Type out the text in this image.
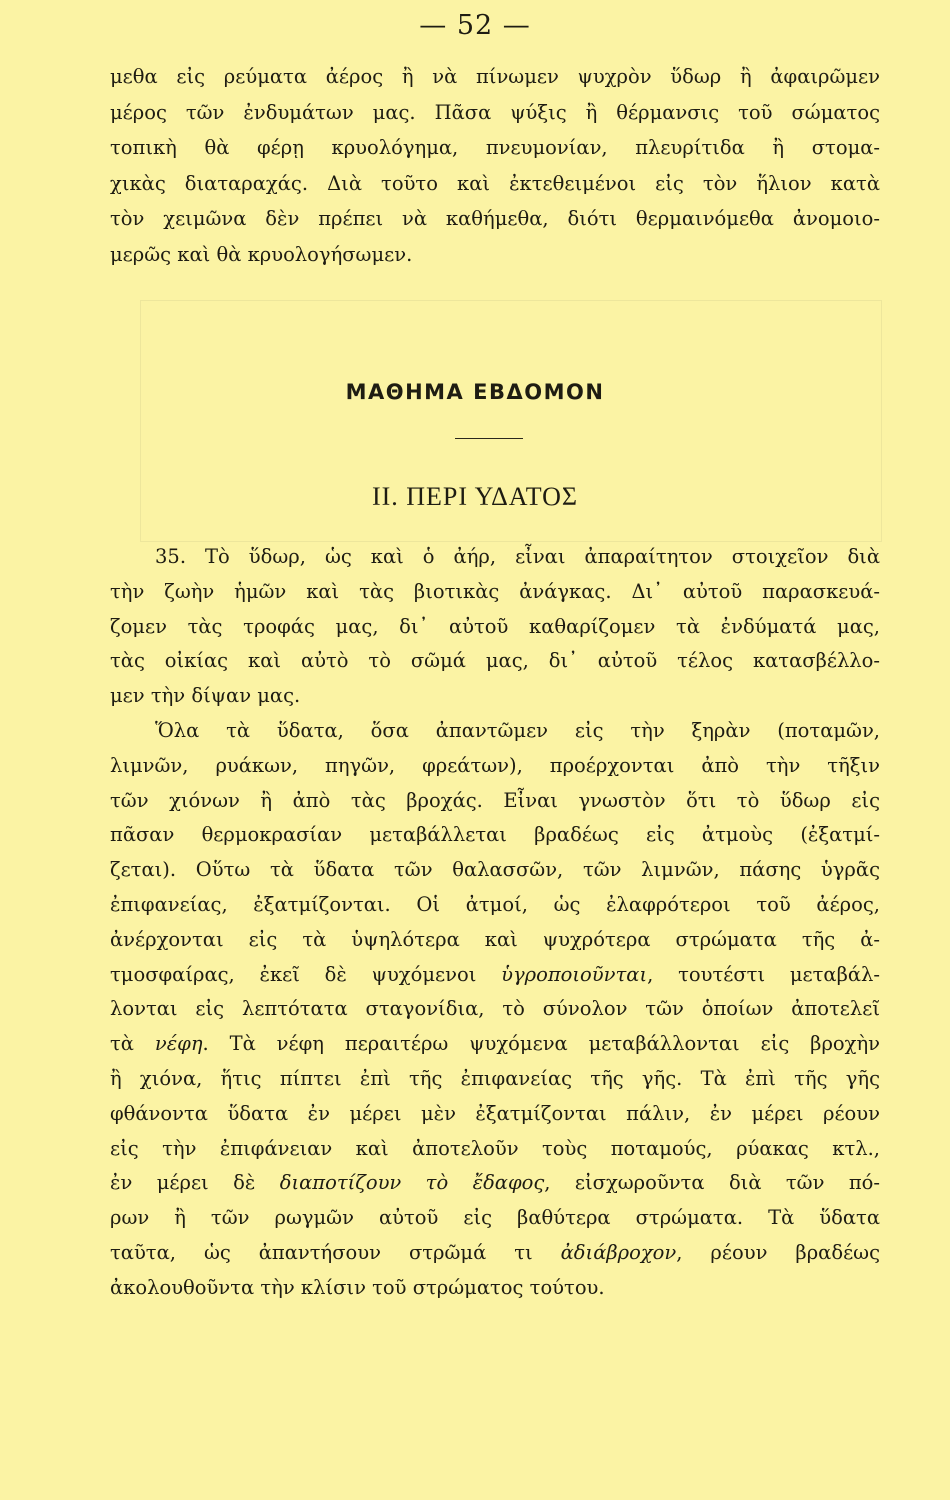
— 52 —
μεθα εἰς ρεύματα ἀέρος ἢ νὰ πίνωμεν ψυχρὸν ὕδωρ ἢ ἀφαιρῶμεν
μέρος τῶν ἐνδυμάτων μας. Πᾶσα ψύξις ἢ θέρμανσις τοῦ σώματος
τοπικὴ θὰ φέρῃ κρυολόγημα, πνευμονίαν, πλευρίτιδα ἢ στομα-
χικὰς διαταραχάς. Διὰ τοῦτο καὶ ἐκτεθειμένοι εἰς τὸν ἥλιον κατὰ
τὸν χειμῶνα δὲν πρέπει νὰ καθήμεθα, διότι θερμαινόμεθα ἀνομοιο-
μερῶς καὶ θὰ κρυολογήσωμεν.
ΜΑΘΗΜΑ ΕΒΔΟΜΟΝ
ΙΙ. ΠΕΡΙ ΥΔΑΤΟΣ
35. Τὸ ὕδωρ, ὡς καὶ ὁ ἀήρ, εἶναι ἀπαραίτητον στοιχεῖον διὰ
τὴν ζωὴν ἡμῶν καὶ τὰς βιοτικὰς ἀνάγκας. Δι᾽ αὐτοῦ παρασκευά-
ζομεν τὰς τροφάς μας, δι᾽ αὐτοῦ καθαρίζομεν τὰ ἐνδύματά μας,
τὰς οἰκίας καὶ αὐτὸ τὸ σῶμά μας, δι᾽ αὐτοῦ τέλος κατασβέλλο-
μεν τὴν δίψαν μας.
Ὅλα τὰ ὕδατα, ὅσα ἀπαντῶμεν εἰς τὴν ξηρὰν (ποταμῶν,
λιμνῶν, ρυάκων, πηγῶν, φρεάτων), προέρχονται ἀπὸ τὴν τῆξιν
τῶν χιόνων ἢ ἀπὸ τὰς βροχάς. Εἶναι γνωστὸν ὅτι τὸ ὕδωρ εἰς
πᾶσαν θερμοκρασίαν μεταβάλλεται βραδέως εἰς ἀτμοὺς (ἐξατμί-
ζεται). Οὕτω τὰ ὕδατα τῶν θαλασσῶν, τῶν λιμνῶν, πάσης ὑγρᾶς
ἐπιφανείας, ἐξατμίζονται. Οἱ ἀτμοί, ὡς ἐλαφρότεροι τοῦ ἀέρος,
ἀνέρχονται εἰς τὰ ὑψηλότερα καὶ ψυχρότερα στρώματα τῆς ἀ-
τμοσφαίρας, ἐκεῖ δὲ ψυχόμενοι ὑγροποιοῦνται, τουτέστι μεταβάλ-
λονται εἰς λεπτότατα σταγονίδια, τὸ σύνολον τῶν ὁποίων ἀποτελεῖ
τὰ νέφη. Τὰ νέφη περαιτέρω ψυχόμενα μεταβάλλονται εἰς βροχὴν
ἢ χιόνα, ἥτις πίπτει ἐπὶ τῆς ἐπιφανείας τῆς γῆς. Τὰ ἐπὶ τῆς γῆς
φθάνοντα ὕδατα ἐν μέρει μὲν ἐξατμίζονται πάλιν, ἐν μέρει ρέουν
εἰς τὴν ἐπιφάνειαν καὶ ἀποτελοῦν τοὺς ποταμούς, ρύακας κτλ.,
ἐν μέρει δὲ διαποτίζουν τὸ ἔδαφος, εἰσχωροῦντα διὰ τῶν πό-
ρων ἢ τῶν ρωγμῶν αὐτοῦ εἰς βαθύτερα στρώματα. Τὰ ὕδατα
ταῦτα, ὡς ἀπαντήσουν στρῶμά τι ἀδιάβροχον, ρέουν βραδέως
ἀκολουθοῦντα τὴν κλίσιν τοῦ στρώματος τούτου.
